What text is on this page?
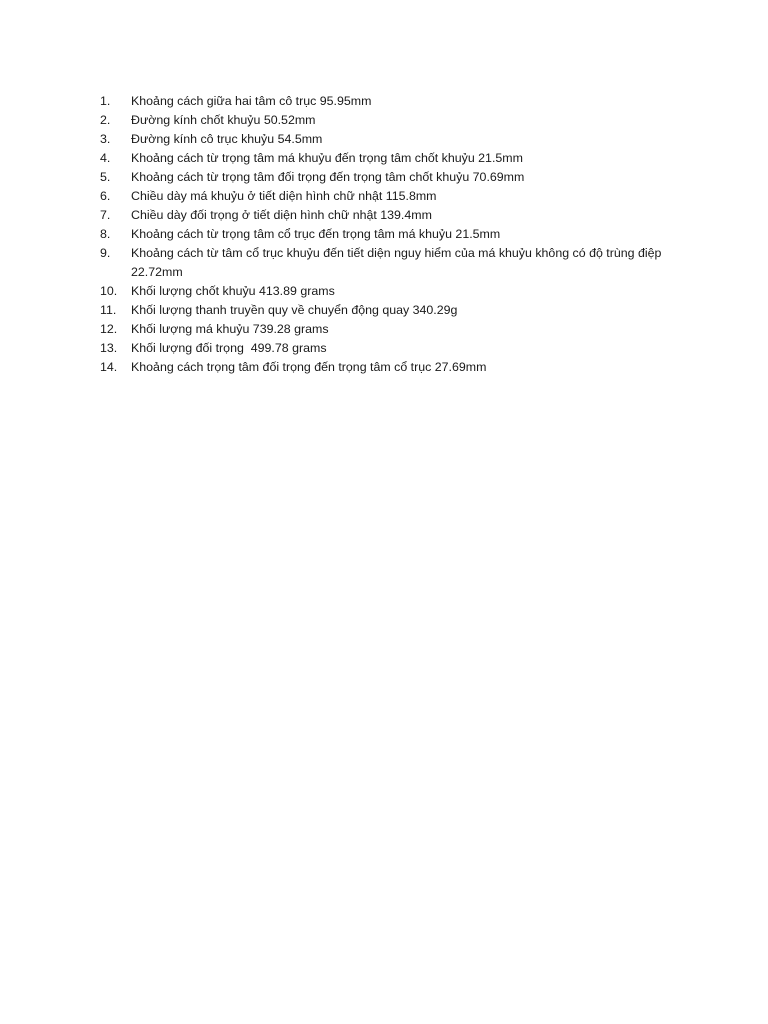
1.	Khoảng cách giữa hai tâm cô trục 95.95mm
2.	Đường kính chốt khuỷu 50.52mm
3.	Đường kính cô trục khuỷu 54.5mm
4.	Khoảng cách từ trọng tâm má khuỷu đến trọng tâm chốt khuỷu 21.5mm
5.	Khoảng cách từ trọng tâm đối trọng đến trọng tâm chốt khuỷu 70.69mm
6.	Chiều dày má khuỷu ở tiết diện hình chữ nhật 115.8mm
7.	Chiều dày đối trọng ở tiết diện hình chữ nhật 139.4mm
8.	Khoảng cách từ trọng tâm cổ trục đến trọng tâm má khuỷu 21.5mm
9.	Khoảng cách từ tâm cổ trục khuỷu đến tiết diện nguy hiểm của má khuỷu không có độ trùng điệp 22.72mm
10.	Khối lượng chốt khuỷu 413.89 grams
11.	Khối lượng thanh truyền quy về chuyển động quay 340.29g
12.	Khối lượng má khuỷu 739.28 grams
13.	Khối lượng đối trọng  499.78 grams
14.	Khoảng cách trọng tâm đối trọng đến trọng tâm cổ trục 27.69mm
